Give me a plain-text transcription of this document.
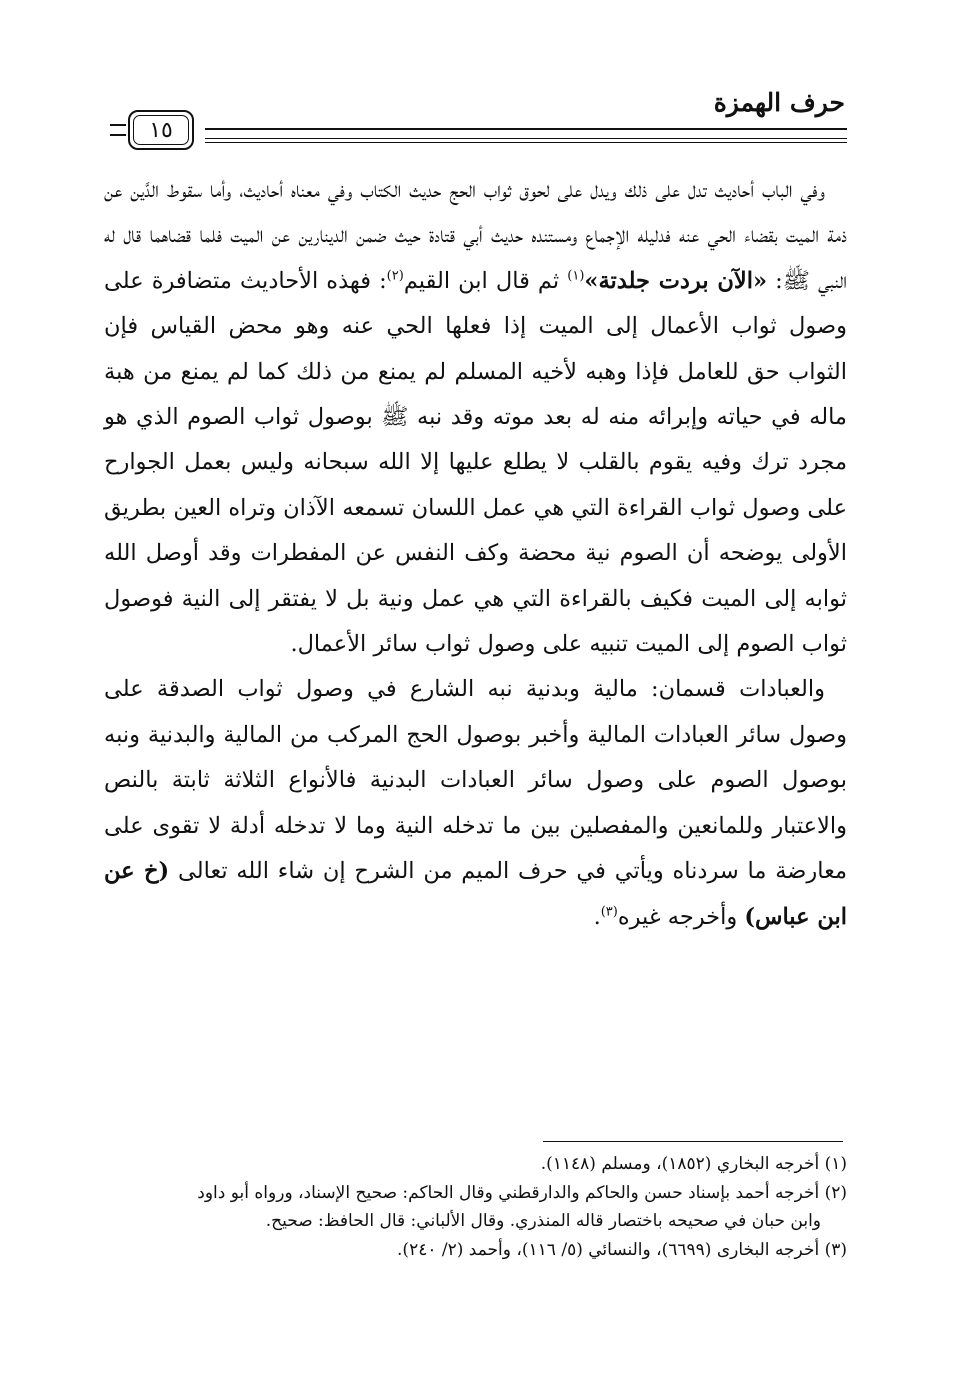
حرف الهمزة
١٥

وفي الباب أحاديث تدل على ذلك ويدل على لحوق ثواب الحج حديث الكتاب وفي معناه أحاديث، وأما سقوط الدَّين عن ذمة الميت بقضاء الحي عنه فدليله الإجماع ومستنده حديث أبي قتادة حيث ضمن الدينارين عن الميت فلما قضاهما قال له النبي ﷺ: «الآن بردت جلدتة»$^{(١)}$ ثم قال ابن القيم$^{(٢)}$: فهذه الأحاديث متضافرة على وصول ثواب الأعمال إلى الميت إذا فعلها الحي عنه وهو محض القياس فإن الثواب حق للعامل فإذا وهبه لأخيه المسلم لم يمنع من ذلك كما لم يمنع من هبة ماله في حياته وإبرائه منه له بعد موته وقد نبه ﷺ بوصول ثواب الصوم الذي هو مجرد ترك وفيه يقوم بالقلب لا يطلع عليها إلا الله سبحانه وليس بعمل الجوارح على وصول ثواب القراءة التي هي عمل اللسان تسمعه الآذان وتراه العين بطريق الأولى يوضحه أن الصوم نية محضة وكف النفس عن المفطرات وقد أوصل الله ثوابه إلى الميت فكيف بالقراءة التي هي عمل ونية بل لا يفتقر إلى النية فوصول ثواب الصوم إلى الميت تنبيه على وصول ثواب سائر الأعمال.

والعبادات قسمان: مالية وبدنية نبه الشارع في وصول ثواب الصدقة على وصول سائر العبادات المالية وأخبر بوصول الحج المركب من المالية والبدنية ونبه بوصول الصوم على وصول سائر العبادات البدنية فالأنواع الثلاثة ثابتة بالنص والاعتبار وللمانعين والمفصلين بين ما تدخله النية وما لا تدخله أدلة لا تقوى على معارضة ما سردناه ويأتي في حرف الميم من الشرح إن شاء الله تعالى (خ عن ابن عباس) وأخرجه غيره$^{(٣)}$.

(١) أخرجه البخاري (١٨٥٢)، ومسلم (١١٤٨).

(٢) أخرجه أحمد بإسناد حسن والحاكم والدارقطني وقال الحاكم: صحيح الإسناد، ورواه أبو داود

وابن حبان في صحيحه باختصار قاله المنذري. وقال الألباني: قال الحافظ: صحيح.

(٣) أخرجه البخارى (٦٦٩٩)، والنسائي (٥/ ١١٦)، وأحمد (٢/ ٢٤٠).
